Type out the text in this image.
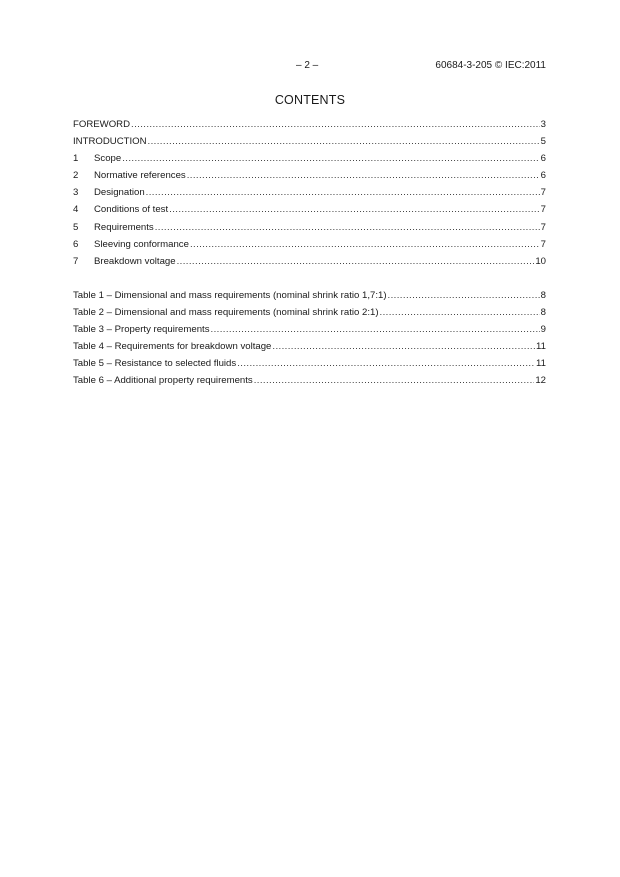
– 2 –	60684-3-205 © IEC:2011
CONTENTS
FOREWORD .....	3
INTRODUCTION .....	5
1	Scope .....	6
2	Normative references .....	6
3	Designation .....	7
4	Conditions of test .....	7
5	Requirements .....	7
6	Sleeving conformance .....	7
7	Breakdown voltage .....	10
Table 1 – Dimensional and mass requirements (nominal shrink ratio 1,7:1) .....	8
Table 2 – Dimensional and mass requirements (nominal shrink ratio 2:1) .....	8
Table 3 – Property requirements .....	9
Table 4 – Requirements for breakdown voltage .....	11
Table 5 – Resistance to selected fluids .....	11
Table 6 – Additional property requirements .....	12
